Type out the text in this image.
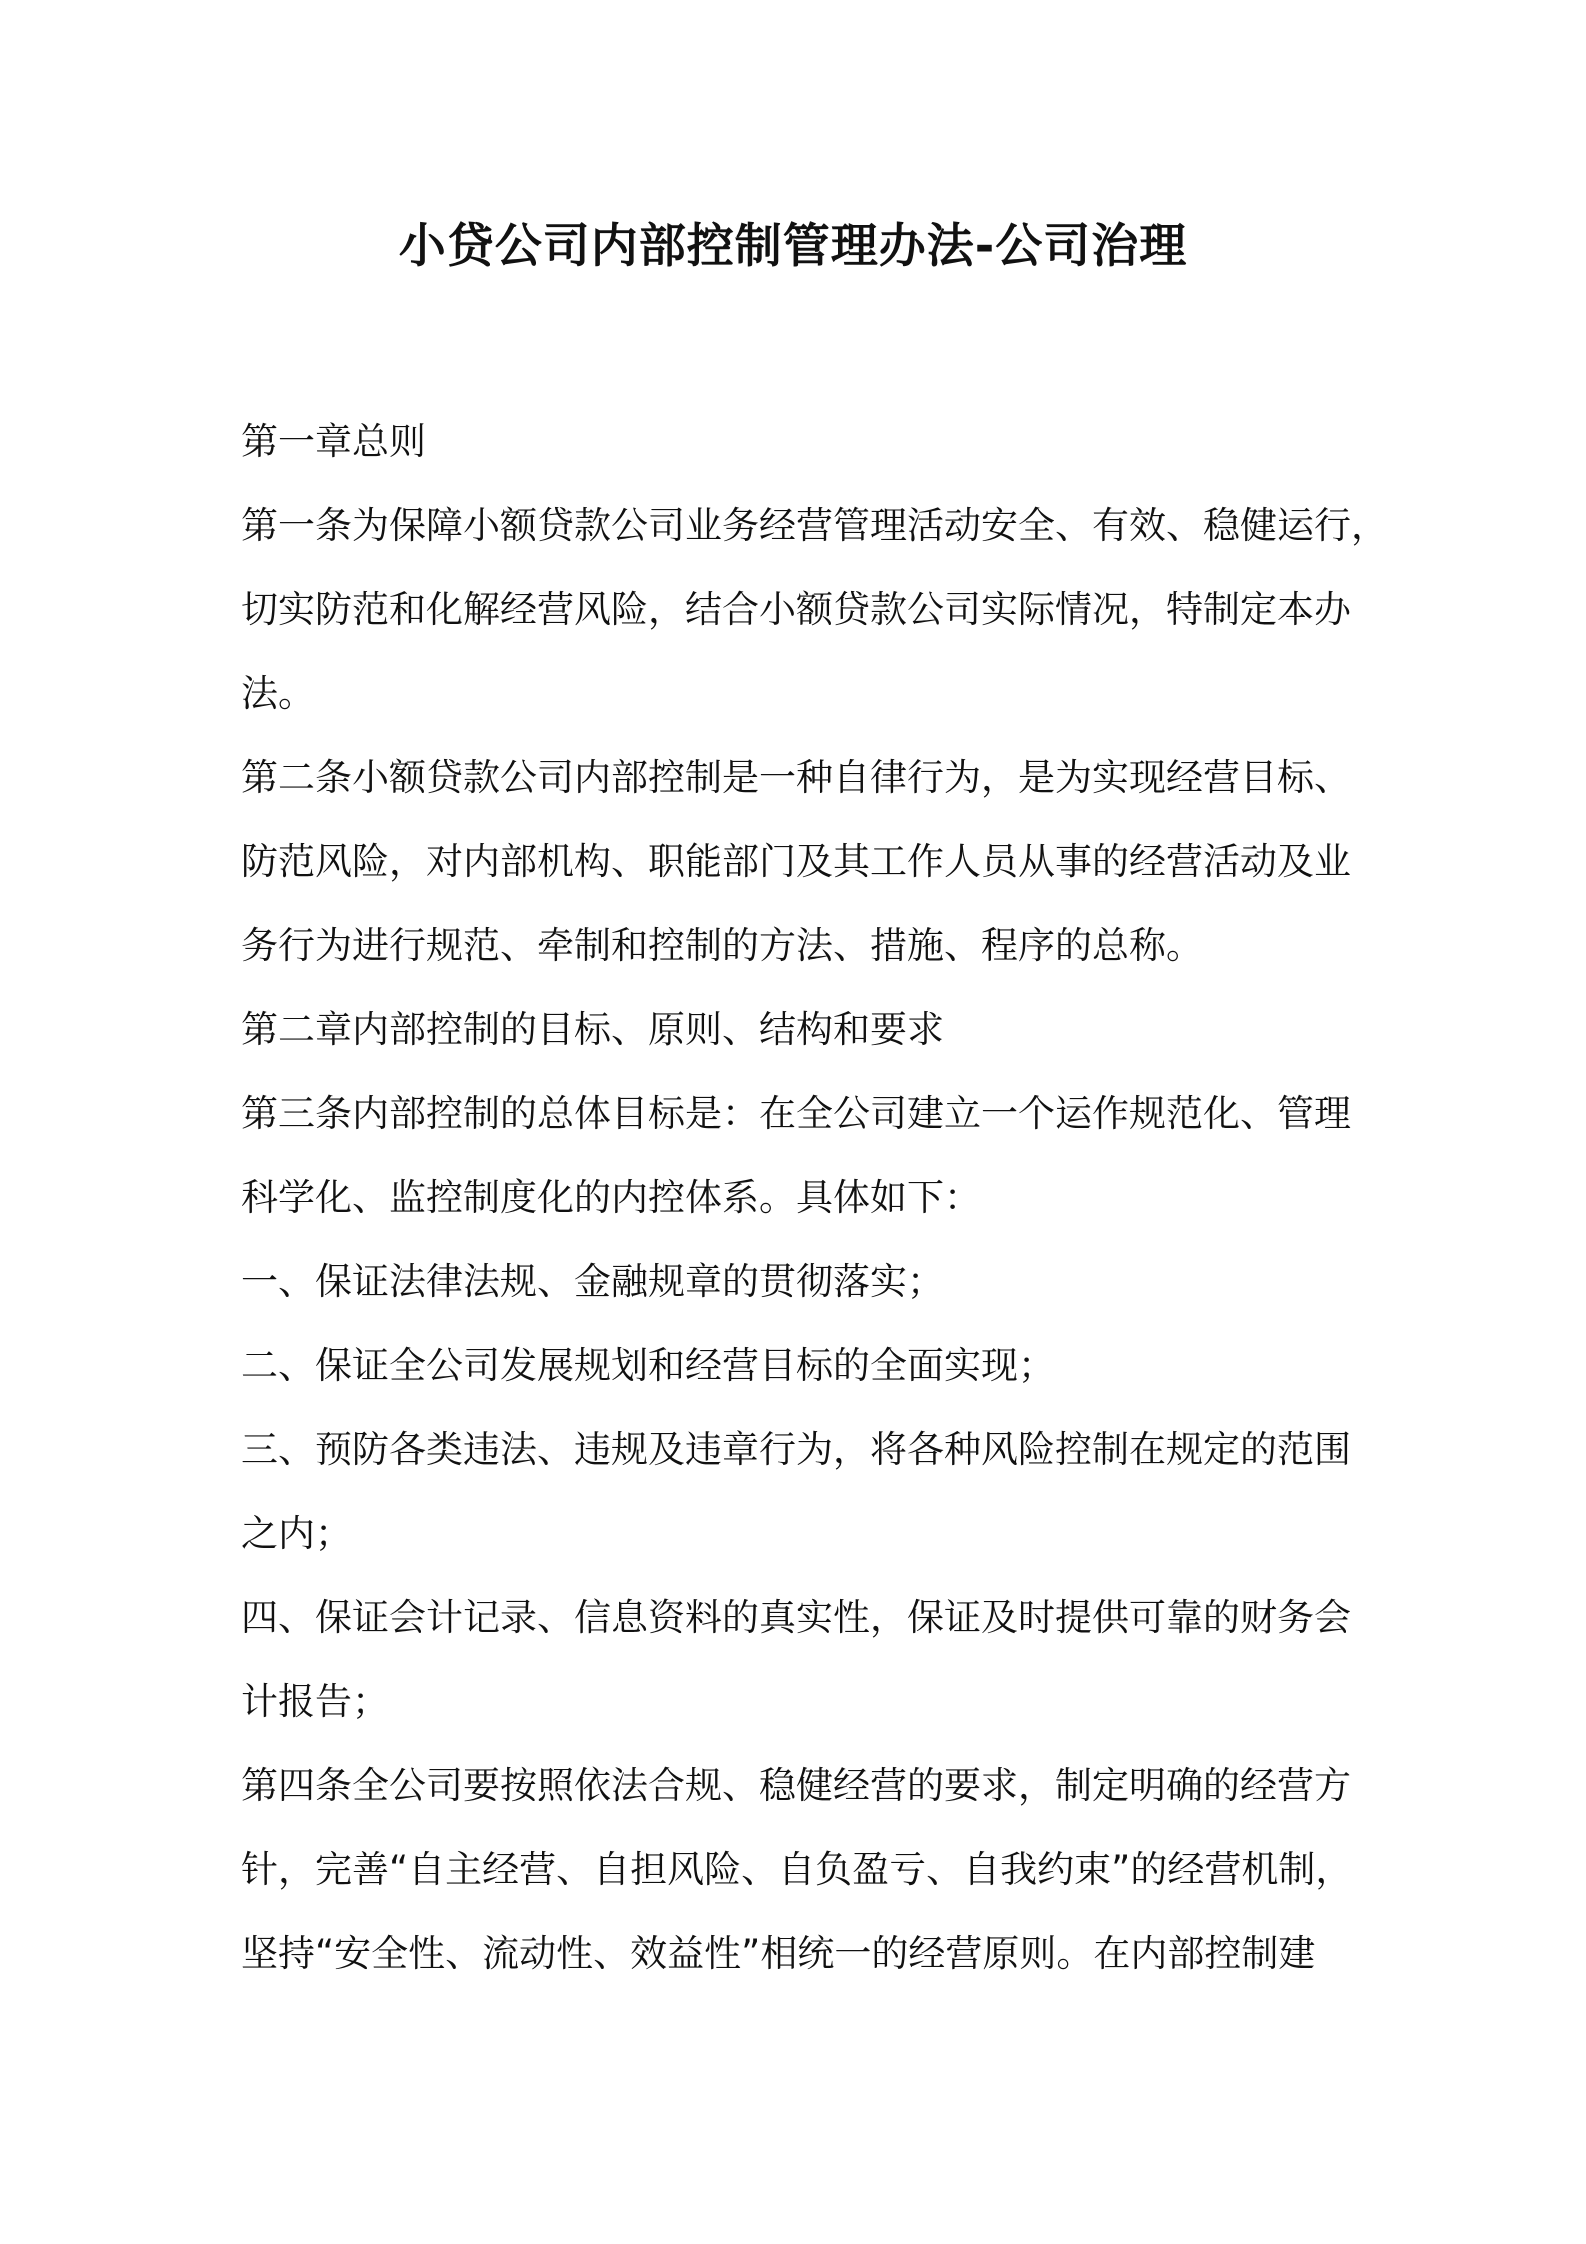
小贷公司内部控制管理办法-公司治理
第一章总则
第一条为保障小额贷款公司业务经营管理活动安全、有效、稳健运行，
切实防范和化解经营风险，结合小额贷款公司实际情况，特制定本办
法。
第二条小额贷款公司内部控制是一种自律行为，是为实现经营目标、
防范风险，对内部机构、职能部门及其工作人员从事的经营活动及业
务行为进行规范、牵制和控制的方法、措施、程序的总称。
第二章内部控制的目标、原则、结构和要求
第三条内部控制的总体目标是：在全公司建立一个运作规范化、管理
科学化、监控制度化的内控体系。具体如下：
一、保证法律法规、金融规章的贯彻落实；
二、保证全公司发展规划和经营目标的全面实现；
三、预防各类违法、违规及违章行为，将各种风险控制在规定的范围
之内；
四、保证会计记录、信息资料的真实性，保证及时提供可靠的财务会
计报告；
第四条全公司要按照依法合规、稳健经营的要求，制定明确的经营方
针，完善“自主经营、自担风险、自负盈亏、自我约束”的经营机制，
坚持“安全性、流动性、效益性”相统一的经营原则。在内部控制建
